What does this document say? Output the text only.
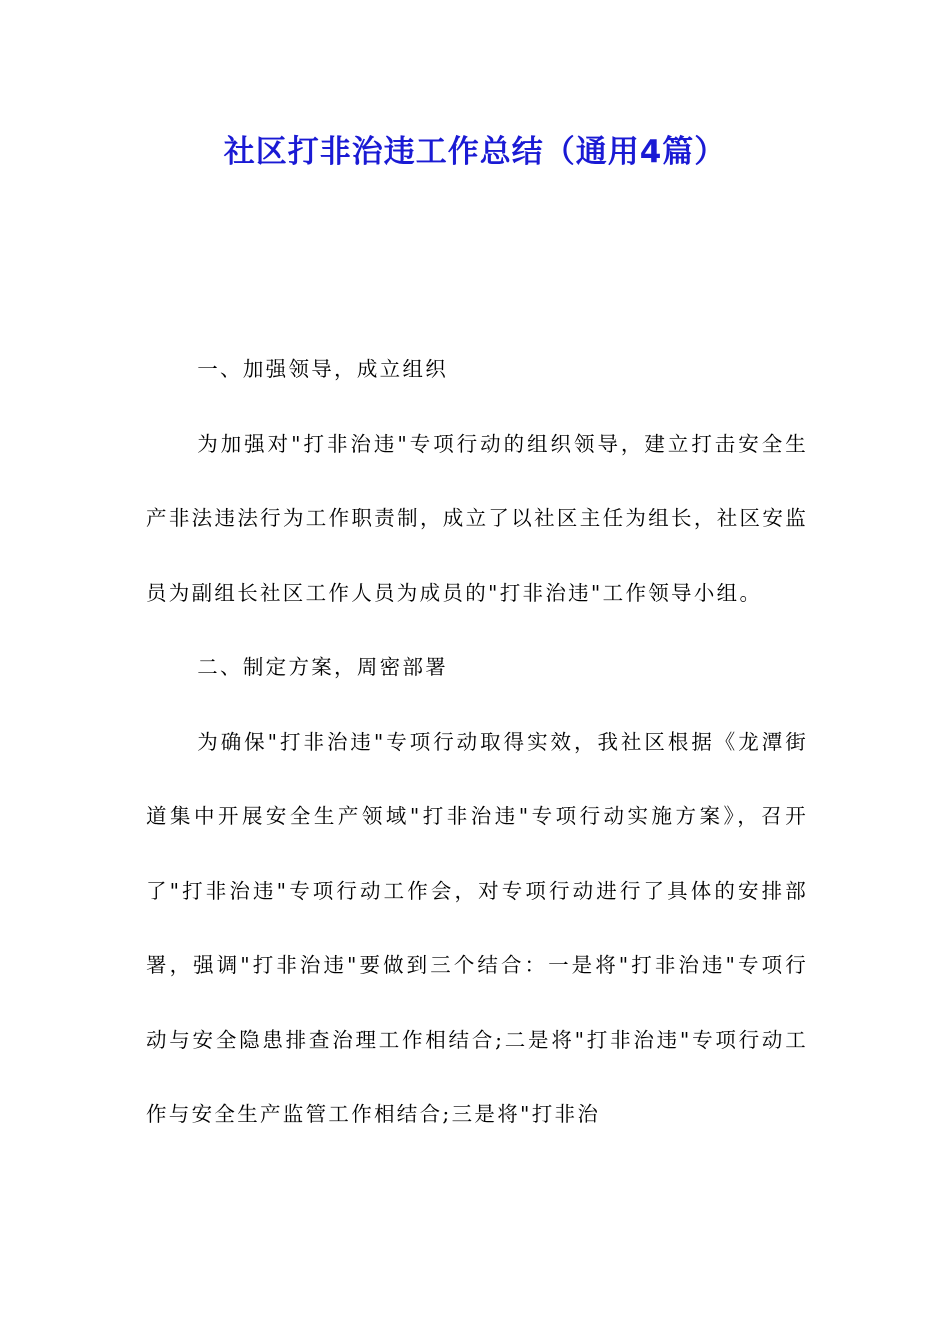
社区打非治违工作总结（通用4篇）

一、加强领导，成立组织

为加强对"打非治违"专项行动的组织领导，建立打击安全生产非法违法行为工作职责制，成立了以社区主任为组长，社区安监员为副组长社区工作人员为成员的"打非治违"工作领导小组。

二、制定方案，周密部署

为确保"打非治违"专项行动取得实效，我社区根据《龙潭街道集中开展安全生产领域"打非治违"专项行动实施方案》，召开了"打非治违"专项行动工作会，对专项行动进行了具体的安排部署，强调"打非治违"要做到三个结合：一是将"打非治违"专项行动与安全隐患排查治理工作相结合;二是将"打非治违"专项行动工作与安全生产监管工作相结合;三是将"打非治
